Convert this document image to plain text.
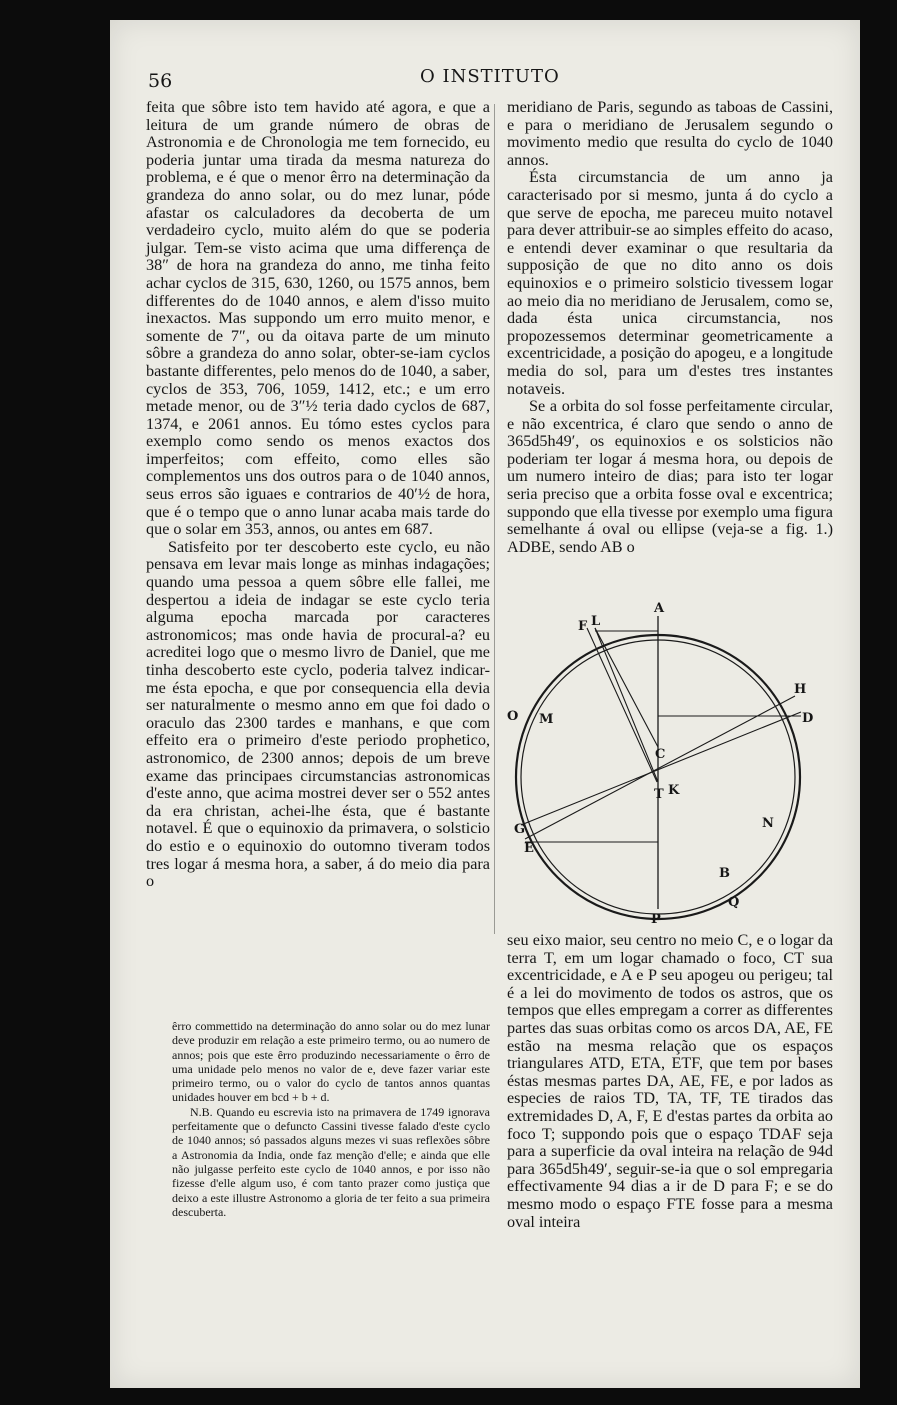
56	O INSTITUTO

feita que sôbre isto tem havido até agora, e que a leitura de um grande número de obras de Astronomia e de Chronologia me tem fornecido, eu poderia juntar uma tirada da mesma natureza do problema, e é que o menor êrro na determinação da grandeza do anno solar, ou do mez lunar, póde afastar os calculadores da decoberta de um verdadeiro cyclo, muito além do que se poderia julgar. Tem-se visto acima que uma differença de 38″ de hora na grandeza do anno, me tinha feito achar cyclos de 315, 630, 1260, ou 1575 annos, bem differentes do de 1040 annos, e alem d'isso muito inexactos. Mas suppondo um erro muito menor, e somente de 7″, ou da oitava parte de um minuto sôbre a grandeza do anno solar, obter-se-iam cyclos bastante differentes, pelo menos do de 1040, a saber, cyclos de 353, 706, 1059, 1412, etc.; e um erro metade menor, ou de 3″½ teria dado cyclos de 687, 1374, e 2061 annos. Eu tómo estes cyclos para exemplo como sendo os menos exactos dos imperfeitos; com effeito, como elles são complementos uns dos outros para o de 1040 annos, seus erros são iguaes e contrarios de 40′½ de hora, que é o tempo que o anno lunar acaba mais tarde do que o solar em 353, annos, ou antes em 687.

Satisfeito por ter descoberto este cyclo, eu não pensava em levar mais longe as minhas indagações; quando uma pessoa a quem sôbre elle fallei, me despertou a ideia de indagar se este cyclo teria alguma epocha marcada por caracteres astronomicos; mas onde havia de procural-a? eu acreditei logo que o mesmo livro de Daniel, que me tinha descoberto este cyclo, poderia talvez indicar-me ésta epocha, e que por consequencia ella devia ser naturalmente o mesmo anno em que foi dado o oraculo das 2300 tardes e manhans, e que com effeito era o primeiro d'este periodo prophetico, astronomico, de 2300 annos; depois de um breve exame das principaes circumstancias astronomicas d'este anno, que acima mostrei dever ser o 552 antes da era christan, achei-lhe ésta, que é bastante notavel. É que o equinoxio da primavera, o solsticio do estio e o equinoxio do outomno tiveram todos tres logar á mesma hora, a saber, á do meio dia para o

êrro commettido na determinação do anno solar ou do mez lunar deve produzir em relação a este primeiro termo, ou ao numero de annos; pois que este êrro produzindo necessariamente o êrro de uma unidade pelo menos no valor de e, deve fazer variar este primeiro termo, ou o valor do cyclo de tantos annos quantas unidades houver em bcd + b + d.

N.B. Quando eu escrevia isto na primavera de 1749 ignorava perfeitamente que o defuncto Cassini tivesse falado d'este cyclo de 1040 annos; só passados alguns mezes vi suas reflexões sôbre a Astronomia da India, onde faz menção d'elle; e ainda que elle não julgasse perfeito este cyclo de 1040 annos, e por isso não fizesse d'elle algum uso, é com tanto prazer como justiça que deixo a este illustre Astronomo a gloria de ter feito a sua primeira descuberta.

meridiano de Paris, segundo as taboas de Cassini, e para o meridiano de Jerusalem segundo o movimento medio que resulta do cyclo de 1040 annos.

Ésta circumstancia de um anno ja caracterisado por si mesmo, junta á do cyclo a que serve de epocha, me pareceu muito notavel para dever attribuir-se ao simples effeito do acaso, e entendi dever examinar o que resultaria da supposição de que no dito anno os dois equinoxios e o primeiro solsticio tivessem logar ao meio dia no meridiano de Jerusalem, como se, dada ésta unica circumstancia, nos propozessemos determinar geometricamente a excentricidade, a posição do apogeu, e a longitude media do sol, para um d'estes tres instantes notaveis.

Se a orbita do sol fosse perfeitamente circular, e não excentrica, é claro que sendo o anno de 365d5h49′, os equinoxios e os solsticios não poderiam ter logar á mesma hora, ou depois de um numero inteiro de dias; para isto ter logar seria preciso que a orbita fosse oval e excentrica; suppondo que ella tivesse por exemplo uma figura semelhante á oval ou ellipse (veja-se a fig. 1.) ADBE, sendo AB o

A
F L
H
D
O M
C
T K
N
G
E
B
Q
P

seu eixo maior, seu centro no meio C, e o logar da terra T, em um logar chamado o foco, CT sua excentricidade, e A e P seu apogeu ou perigeu; tal é a lei do movimento de todos os astros, que os tempos que elles empregam a correr as differentes partes das suas orbitas como os arcos DA, AE, FE estão na mesma relação que os espaços triangulares ATD, ETA, ETF, que tem por bases éstas mesmas partes DA, AE, FE, e por lados as especies de raios TD, TA, TF, TE tirados das extremidades D, A, F, E d'estas partes da orbita ao foco T; suppondo pois que o espaço TDAF seja para a superficie da oval inteira na relação de 94d para 365d5h49′, seguir-se-ia que o sol empregaria effectivamente 94 dias a ir de D para F; e se do mesmo modo o espaço FTE fosse para a mesma oval inteira
